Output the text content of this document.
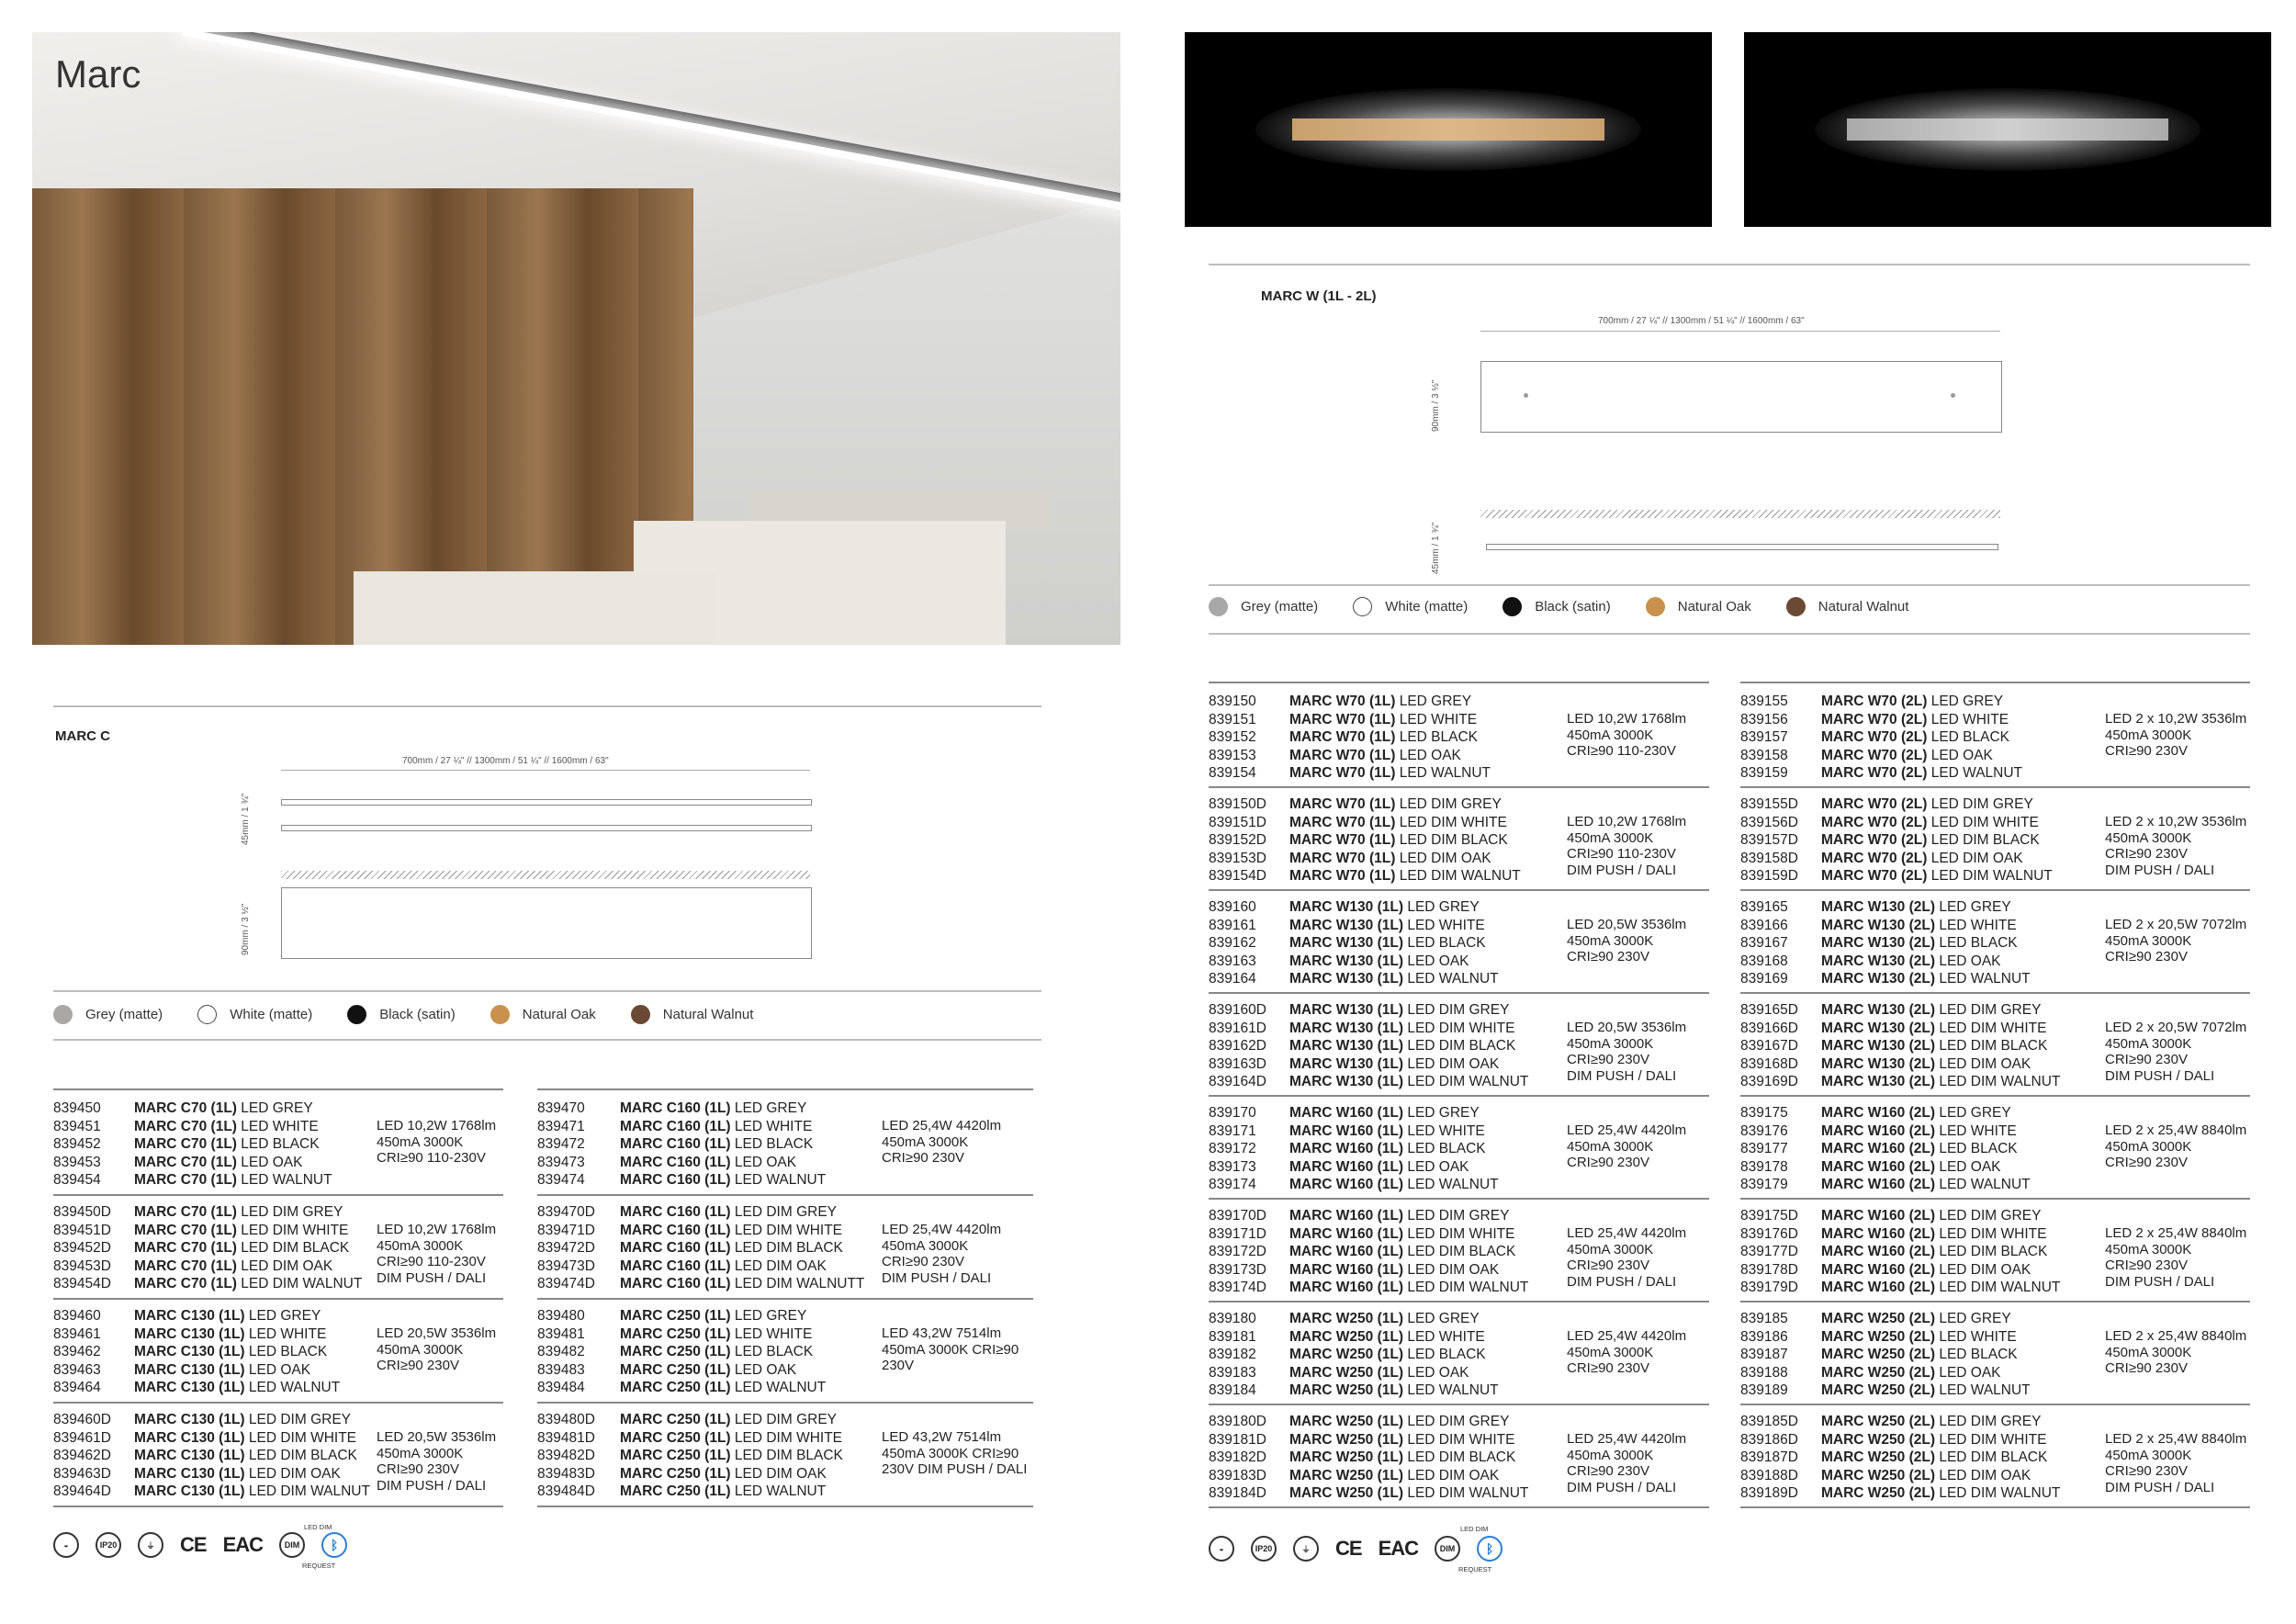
Marc
MARC C
700mm / 27 ¼" // 1300mm / 51 ¼" // 1600mm / 63"
45mm / 1 ¾"
90mm / 3 ½"
Grey (matte)	White (matte)	Black (satin)	Natural Oak	Natural Walnut
839450 MARC C70 (1L) LED GREY
839451 MARC C70 (1L) LED WHITE
839452 MARC C70 (1L) LED BLACK
839453 MARC C70 (1L) LED OAK
839454 MARC C70 (1L) LED WALNUT
LED 10,2W 1768lm
450mA 3000K
CRI≥90 110-230V
839450D MARC C70 (1L) LED DIM GREY
839451D MARC C70 (1L) LED DIM WHITE
839452D MARC C70 (1L) LED DIM BLACK
839453D MARC C70 (1L) LED DIM OAK
839454D MARC C70 (1L) LED DIM WALNUT
LED 10,2W 1768lm
450mA 3000K
CRI≥90 110-230V
DIM PUSH / DALI
839460 MARC C130 (1L) LED GREY
839461 MARC C130 (1L) LED WHITE
839462 MARC C130 (1L) LED BLACK
839463 MARC C130 (1L) LED OAK
839464 MARC C130 (1L) LED WALNUT
LED 20,5W 3536lm
450mA 3000K
CRI≥90 230V
839460D MARC C130 (1L) LED DIM GREY
839461D MARC C130 (1L) LED DIM WHITE
839462D MARC C130 (1L) LED DIM BLACK
839463D MARC C130 (1L) LED DIM OAK
839464D MARC C130 (1L) LED DIM WALNUT
LED 20,5W 3536lm
450mA 3000K
CRI≥90 230V
DIM PUSH / DALI
839470 MARC C160 (1L) LED GREY
839471 MARC C160 (1L) LED WHITE
839472 MARC C160 (1L) LED BLACK
839473 MARC C160 (1L) LED OAK
839474 MARC C160 (1L) LED WALNUT
LED 25,4W 4420lm
450mA 3000K
CRI≥90 230V
839470D MARC C160 (1L) LED DIM GREY
839471D MARC C160 (1L) LED DIM WHITE
839472D MARC C160 (1L) LED DIM BLACK
839473D MARC C160 (1L) LED DIM OAK
839474D MARC C160 (1L) LED DIM WALNUTT
LED 25,4W 4420lm
450mA 3000K
CRI≥90 230V
DIM PUSH / DALI
839480 MARC C250 (1L) LED GREY
839481 MARC C250 (1L) LED WHITE
839482 MARC C250 (1L) LED BLACK
839483 MARC C250 (1L) LED OAK
839484 MARC C250 (1L) LED WALNUT
LED 43,2W 7514lm
450mA 3000K CRI≥90
230V
839480D MARC C250 (1L) LED DIM GREY
839481D MARC C250 (1L) LED DIM WHITE
839482D MARC C250 (1L) LED DIM BLACK
839483D MARC C250 (1L) LED DIM OAK
839484D MARC C250 (1L) LED WALNUT
LED 43,2W 7514lm
450mA 3000K CRI≥90
230V DIM PUSH / DALI
◒	IP20	⏚	CE EAC	DIM	ᛒ
LED DIM
REQUEST
MARC W (1L - 2L)
700mm / 27 ¼" // 1300mm / 51 ¼" // 1600mm / 63"
90mm / 3 ½"
45mm / 1 ¾"
Grey (matte)	White (matte)	Black (satin)	Natural Oak	Natural Walnut
839150 MARC W70 (1L) LED GREY
839151 MARC W70 (1L) LED WHITE
839152 MARC W70 (1L) LED BLACK
839153 MARC W70 (1L) LED OAK
839154 MARC W70 (1L) LED WALNUT
LED 10,2W 1768lm
450mA 3000K
CRI≥90 110-230V
839150D MARC W70 (1L) LED DIM GREY
839151D MARC W70 (1L) LED DIM WHITE
839152D MARC W70 (1L) LED DIM BLACK
839153D MARC W70 (1L) LED DIM OAK
839154D MARC W70 (1L) LED DIM WALNUT
LED 10,2W 1768lm
450mA 3000K
CRI≥90 110-230V
DIM PUSH / DALI
839160 MARC W130 (1L) LED GREY
839161 MARC W130 (1L) LED WHITE
839162 MARC W130 (1L) LED BLACK
839163 MARC W130 (1L) LED OAK
839164 MARC W130 (1L) LED WALNUT
LED 20,5W 3536lm
450mA 3000K
CRI≥90 230V
839160D MARC W130 (1L) LED DIM GREY
839161D MARC W130 (1L) LED DIM WHITE
839162D MARC W130 (1L) LED DIM BLACK
839163D MARC W130 (1L) LED DIM OAK
839164D MARC W130 (1L) LED DIM WALNUT
LED 20,5W 3536lm
450mA 3000K
CRI≥90 230V
DIM PUSH / DALI
839170 MARC W160 (1L) LED GREY
839171 MARC W160 (1L) LED WHITE
839172 MARC W160 (1L) LED BLACK
839173 MARC W160 (1L) LED OAK
839174 MARC W160 (1L) LED WALNUT
LED 25,4W 4420lm
450mA 3000K
CRI≥90 230V
839170D MARC W160 (1L) LED DIM GREY
839171D MARC W160 (1L) LED DIM WHITE
839172D MARC W160 (1L) LED DIM BLACK
839173D MARC W160 (1L) LED DIM OAK
839174D MARC W160 (1L) LED DIM WALNUT
LED 25,4W 4420lm
450mA 3000K
CRI≥90 230V
DIM PUSH / DALI
839180 MARC W250 (1L) LED GREY
839181 MARC W250 (1L) LED WHITE
839182 MARC W250 (1L) LED BLACK
839183 MARC W250 (1L) LED OAK
839184 MARC W250 (1L) LED WALNUT
LED 25,4W 4420lm
450mA 3000K
CRI≥90 230V
839180D MARC W250 (1L) LED DIM GREY
839181D MARC W250 (1L) LED DIM WHITE
839182D MARC W250 (1L) LED DIM BLACK
839183D MARC W250 (1L) LED DIM OAK
839184D MARC W250 (1L) LED DIM WALNUT
LED 25,4W 4420lm
450mA 3000K
CRI≥90 230V
DIM PUSH / DALI
839155 MARC W70 (2L) LED GREY
839156 MARC W70 (2L) LED WHITE
839157 MARC W70 (2L) LED BLACK
839158 MARC W70 (2L) LED OAK
839159 MARC W70 (2L) LED WALNUT
LED 2 x 10,2W 3536lm
450mA 3000K
CRI≥90 230V
839155D MARC W70 (2L) LED DIM GREY
839156D MARC W70 (2L) LED DIM WHITE
839157D MARC W70 (2L) LED DIM BLACK
839158D MARC W70 (2L) LED DIM OAK
839159D MARC W70 (2L) LED DIM WALNUT
LED 2 x 10,2W 3536lm
450mA 3000K
CRI≥90 230V
DIM PUSH / DALI
839165 MARC W130 (2L) LED GREY
839166 MARC W130 (2L) LED WHITE
839167 MARC W130 (2L) LED BLACK
839168 MARC W130 (2L) LED OAK
839169 MARC W130 (2L) LED WALNUT
LED 2 x 20,5W 7072lm
450mA 3000K
CRI≥90 230V
839165D MARC W130 (2L) LED DIM GREY
839166D MARC W130 (2L) LED DIM WHITE
839167D MARC W130 (2L) LED DIM BLACK
839168D MARC W130 (2L) LED DIM OAK
839169D MARC W130 (2L) LED DIM WALNUT
LED 2 x 20,5W 7072lm
450mA 3000K
CRI≥90 230V
DIM PUSH / DALI
839175 MARC W160 (2L) LED GREY
839176 MARC W160 (2L) LED WHITE
839177 MARC W160 (2L) LED BLACK
839178 MARC W160 (2L) LED OAK
839179 MARC W160 (2L) LED WALNUT
LED 2 x 25,4W 8840lm
450mA 3000K
CRI≥90 230V
839175D MARC W160 (2L) LED DIM GREY
839176D MARC W160 (2L) LED DIM WHITE
839177D MARC W160 (2L) LED DIM BLACK
839178D MARC W160 (2L) LED DIM OAK
839179D MARC W160 (2L) LED DIM WALNUT
LED 2 x 25,4W 8840lm
450mA 3000K
CRI≥90 230V
DIM PUSH / DALI
839185 MARC W250 (2L) LED GREY
839186 MARC W250 (2L) LED WHITE
839187 MARC W250 (2L) LED BLACK
839188 MARC W250 (2L) LED OAK
839189 MARC W250 (2L) LED WALNUT
LED 2 x 25,4W 8840lm
450mA 3000K
CRI≥90 230V
839185D MARC W250 (2L) LED DIM GREY
839186D MARC W250 (2L) LED DIM WHITE
839187D MARC W250 (2L) LED DIM BLACK
839188D MARC W250 (2L) LED DIM OAK
839189D MARC W250 (2L) LED DIM WALNUT
LED 2 x 25,4W 8840lm
450mA 3000K
CRI≥90 230V
DIM PUSH / DALI
◒	IP20	⏚	CE EAC	DIM	ᛒ
LED DIM
REQUEST
